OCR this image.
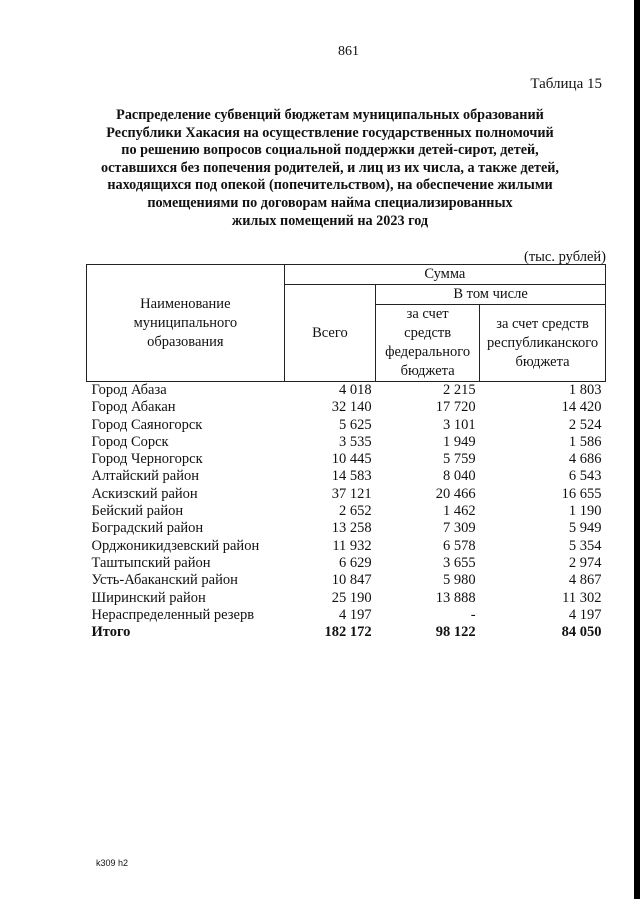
861
Таблица 15
Распределение субвенций бюджетам муниципальных образований
Республики Хакасия на осуществление государственных полномочий
по решению вопросов социальной поддержки детей-сирот, детей,
оставшихся без попечения родителей, и лиц из их числа, а также детей,
находящихся под опекой (попечительством), на обеспечение жилыми
помещениями по договорам найма специализированных
жилых помещений на 2023 год
(тыс. рублей)
Наименование муниципального образования	Сумма		
	Всего	В том числе	
		за счет средств федерального бюджета	за счет средств республиканского бюджета
Город Абаза	4 018	2 215	1 803
Город Абакан	32 140	17 720	14 420
Город Саяногорск	5 625	3 101	2 524
Город Сорск	3 535	1 949	1 586
Город Черногорск	10 445	5 759	4 686
Алтайский район	14 583	8 040	6 543
Аскизский район	37 121	20 466	16 655
Бейский район	2 652	1 462	1 190
Боградский район	13 258	7 309	5 949
Орджоникидзевский район	11 932	6 578	5 354
Таштыпский район	6 629	3 655	2 974
Усть-Абаканский район	10 847	5 980	4 867
Ширинский район	25 190	13 888	11 302
Нераспределенный резерв	4 197	-	4 197
Итого	182 172	98 122	84 050
k309 h2
